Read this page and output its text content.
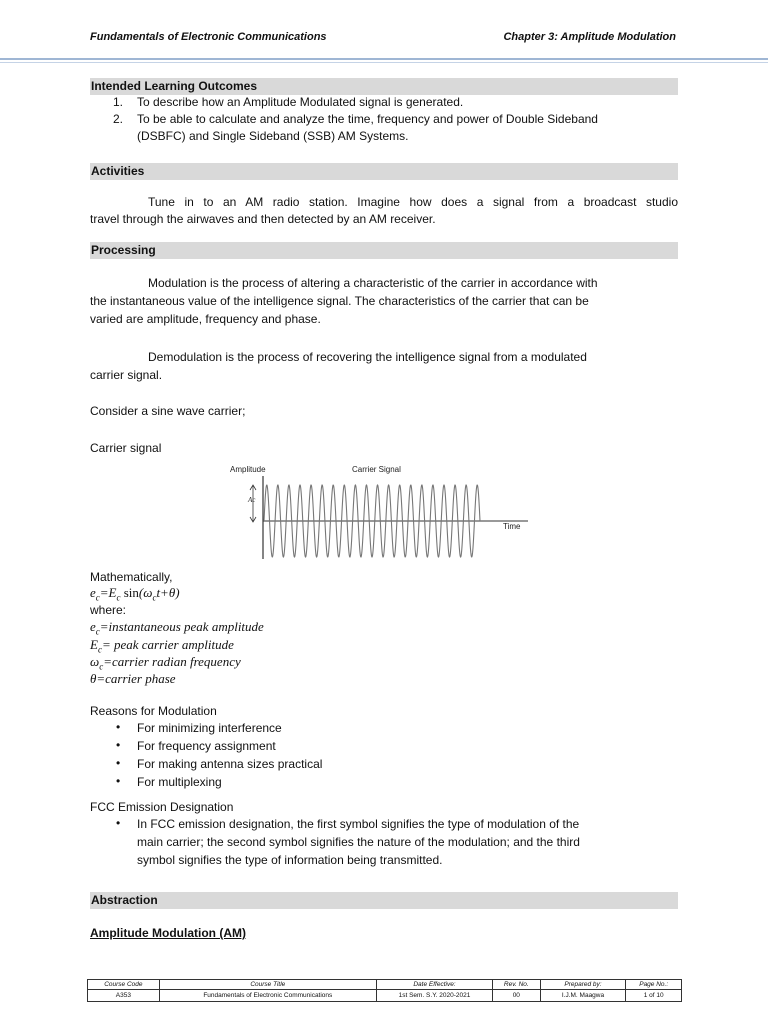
Fundamentals of Electronic Communications	Chapter 3: Amplitude Modulation
Intended Learning Outcomes
1. To describe how an Amplitude Modulated signal is generated.
2. To be able to calculate and analyze the time, frequency and power of Double Sideband
(DSBFC) and Single Sideband (SSB) AM Systems.
Activities
Tune in to an AM radio station. Imagine how does a signal from a broadcast studio
travel through the airwaves and then detected by an AM receiver.
Processing
Modulation is the process of altering a characteristic of the carrier in accordance with
the instantaneous value of the intelligence signal. The characteristics of the carrier that can be
varied are amplitude, frequency and phase.
Demodulation is the process of recovering the intelligence signal from a modulated
carrier signal.
Consider a sine wave carrier;
Carrier signal
Amplitude	Carrier Signal
Time
Ac
Mathematically,
$e_c=E_c$ $\sin(\omega_ct+\theta)$
where:
$e_c=instantaneous$ peak amplitude
$E_c=$ peak carrier amplitude
$\omega_c=carrier$ radian frequency
θ=carrier phase
Reasons for Modulation
• For minimizing interference
• For frequency assignment
• For making antenna sizes practical
• For multiplexing
FCC Emission Designation
• In FCC emission designation, the first symbol signifies the type of modulation of the
main carrier; the second symbol signifies the nature of the modulation; and the third
symbol signifies the type of information being transmitted.
Abstraction
Amplitude Modulation (AM)
Course Code	Course Title	Date Effective:	Rev. No.	Prepared by:	Page No.:
A353	Fundamentals of Electronic Communications	1st Sem. S.Y. 2020-2021	00	I.J.M. Maagwa	1 of 10
